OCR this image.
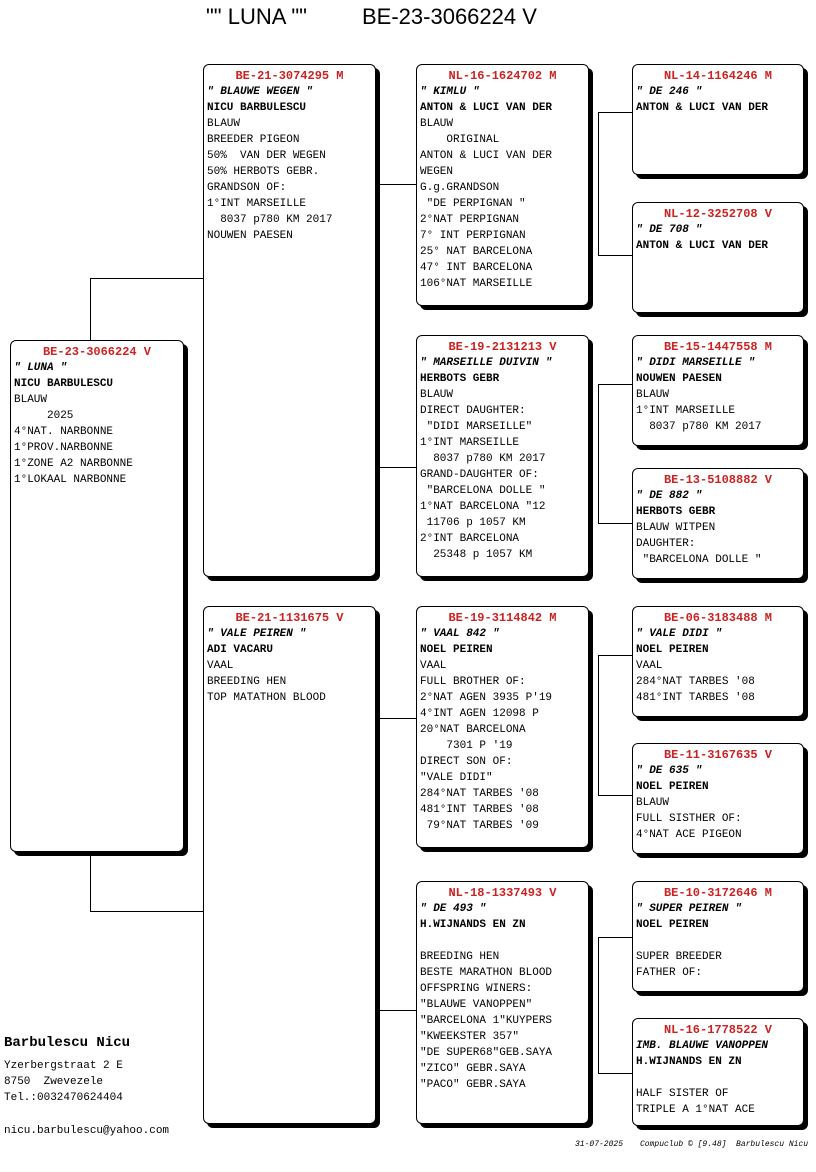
"" LUNA ""	BE-23-3066224 V
BE-23-3066224 V
" LUNA "
NICU BARBULESCU
BLAUW
2025
4°NAT. NARBONNE
1°PROV.NARBONNE
1°ZONE A2 NARBONNE
1°LOKAAL NARBONNE
BE-21-3074295 M
" BLAUWE WEGEN "
NICU BARBULESCU
BLAUW
BREEDER PIGEON
50%  VAN DER WEGEN
50% HERBOTS GEBR.
GRANDSON OF:
1°INT MARSEILLE
8037 p780 KM 2017
NOUWEN PAESEN
BE-21-1131675 V
" VALE PEIREN "
ADI VACARU
VAAL
BREEDING HEN
TOP MATATHON BLOOD
NL-16-1624702 M
" KIMLU "
ANTON & LUCI VAN DER
BLAUW
ORIGINAL
ANTON & LUCI VAN DER
WEGEN
G.g.GRANDSON
"DE PERPIGNAN "
2°NAT PERPIGNAN
7° INT PERPIGNAN
25° NAT BARCELONA
47° INT BARCELONA
106°NAT MARSEILLE
BE-19-2131213 V
" MARSEILLE DUIVIN "
HERBOTS GEBR
BLAUW
DIRECT DAUGHTER:
"DIDI MARSEILLE"
1°INT MARSEILLE
8037 p780 KM 2017
GRAND-DAUGHTER OF:
"BARCELONA DOLLE "
1°NAT BARCELONA "12
11706 p 1057 KM
2°INT BARCELONA
25348 p 1057 KM
BE-19-3114842 M
" VAAL 842 "
NOEL PEIREN
VAAL
FULL BROTHER OF:
2°NAT AGEN 3935 P'19
4°INT AGEN 12098 P
20°NAT BARCELONA
7301 P '19
DIRECT SON OF:
"VALE DIDI"
284°NAT TARBES '08
481°INT TARBES '08
79°NAT TARBES '09
NL-18-1337493 V
" DE 493 "
H.WIJNANDS EN ZN
BREEDING HEN
BESTE MARATHON BLOOD
OFFSPRING WINERS:
"BLAUWE VANOPPEN"
"BARCELONA 1"KUYPERS
"KWEEKSTER 357"
"DE SUPER68"GEB.SAYA
"ZICO" GEBR.SAYA
"PACO" GEBR.SAYA
NL-14-1164246 M
" DE 246 "
ANTON & LUCI VAN DER
NL-12-3252708 V
" DE 708 "
ANTON & LUCI VAN DER
BE-15-1447558 M
" DIDI MARSEILLE "
NOUWEN PAESEN
BLAUW
1°INT MARSEILLE
8037 p780 KM 2017
BE-13-5108882 V
" DE 882 "
HERBOTS GEBR
BLAUW WITPEN
DAUGHTER:
"BARCELONA DOLLE "
BE-06-3183488 M
" VALE DIDI "
NOEL PEIREN
VAAL
284°NAT TARBES '08
481°INT TARBES '08
BE-11-3167635 V
" DE 635 "
NOEL PEIREN
BLAUW
FULL SISTHER OF:
4°NAT ACE PIGEON
BE-10-3172646 M
" SUPER PEIREN "
NOEL PEIREN
SUPER BREEDER
FATHER OF:
NL-16-1778522 V
IMB. BLAUWE VANOPPEN
H.WIJNANDS EN ZN
HALF SISTER OF
TRIPLE A 1°NAT ACE
Barbulescu Nicu
Yzerbergstraat 2 E
8750  Zwevezele
Tel.:0032470624404
nicu.barbulescu@yahoo.com
31-07-2025 Compuclub © [9.48]  Barbulescu Nicu
